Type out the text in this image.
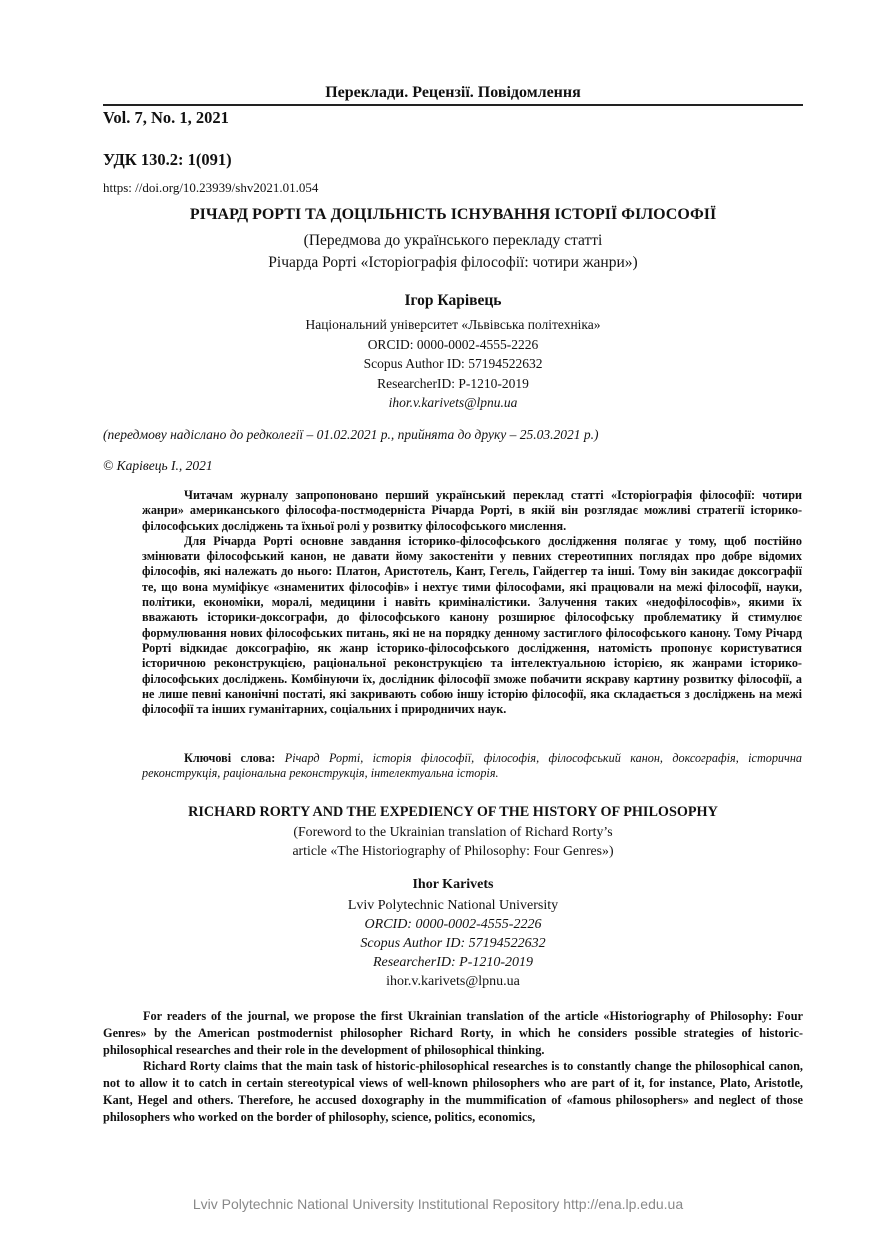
Переклади. Рецензії. Повідомлення
Vol. 7, No. 1, 2021
УДК 130.2: 1(091)
https: //doi.org/10.23939/shv2021.01.054
РІЧАРД РОРТІ ТА ДОЦІЛЬНІСТЬ ІСНУВАННЯ ІСТОРІЇ ФІЛОСОФІЇ
(Передмова до українського перекладу статті
Річарда Рорті «Історіографія філософії: чотири жанри»)
Ігор Карівець
Національний університет «Львівська політехніка»
ORCID: 0000-0002-4555-2226
Scopus Author ID: 57194522632
ResearcherID: P-1210-2019
ihor.v.karivets@lpnu.ua
(передмову надіслано до редколегії – 01.02.2021 р., прийнята до друку – 25.03.2021 р.)
© Карівець І., 2021

Читачам журналу запропоновано перший український переклад статті «Історіографія філософії: чотири жанри» американського філософа-постмодерніста Річарда Рорті, в якій він розглядає можливі стратегії історико-філософських досліджень та їхньої ролі у розвитку філософського мислення.

Для Річарда Рорті основне завдання історико-філософського дослідження полягає у тому, щоб постійно змінювати філософський канон, не давати йому закостеніти у певних стереотипних поглядах про добре відомих філософів, які належать до нього: Платон, Аристотель, Кант, Гегель, Гайдеггер та інші. Тому він закидає доксографії те, що вона муміфікує «знаменитих філософів» і нехтує тими філософами, які працювали на межі філософії, науки, політики, економіки, моралі, медицини і навіть криміналістики. Залучення таких «недофілософів», якими їх вважають історики-доксографи, до філософського канону розширює філософську проблематику й стимулює формулювання нових філософських питань, які не на порядку денному застиглого філософського канону. Тому Річард Рорті відкидає доксографію, як жанр історико-філософського дослідження, натомість пропонує користуватися історичною реконструкцією, раціональної реконструкцією та інтелектуальною історією, як жанрами історико-філософських досліджень. Комбінуючи їх, дослідник філософії зможе побачити яскраву картину розвитку філософії, а не лише певні канонічні постаті, які закривають собою іншу історію філософії, яка складається з досліджень на межі філософії та інших гуманітарних, соціальних і природничих наук.

Ключові слова: Річард Рорті, історія філософії, філософія, філософський канон, доксографія, історична реконструкція, раціональна реконструкція, інтелектуальна історія.
RICHARD RORTY AND THE EXPEDIENCY OF THE HISTORY OF PHILOSOPHY
(Foreword to the Ukrainian translation of Richard Rorty’s
article «The Historiography of Philosophy: Four Genres»)
Ihor Karivets
Lviv Polytechnic National University
ORCID: 0000-0002-4555-2226
Scopus Author ID: 57194522632
ResearcherID: P-1210-2019
ihor.v.karivets@lpnu.ua

For readers of the journal, we propose the first Ukrainian translation of the article «Historiography of Philosophy: Four Genres» by the American postmodernist philosopher Richard Rorty, in which he considers possible strategies of historic-philosophical researches and their role in the development of philosophical thinking.

Richard Rorty claims that the main task of historic-philosophical researches is to constantly change the philosophical canon, not to allow it to catch in certain stereotypical views of well-known philosophers who are part of it, for instance, Plato, Aristotle, Kant, Hegel and others. Therefore, he accused doxography in the mummification of «famous philosophers» and neglect of those philosophers who worked on the border of philosophy, science, politics, economics,

Lviv Polytechnic National University Institutional Repository http://ena.lp.edu.ua
